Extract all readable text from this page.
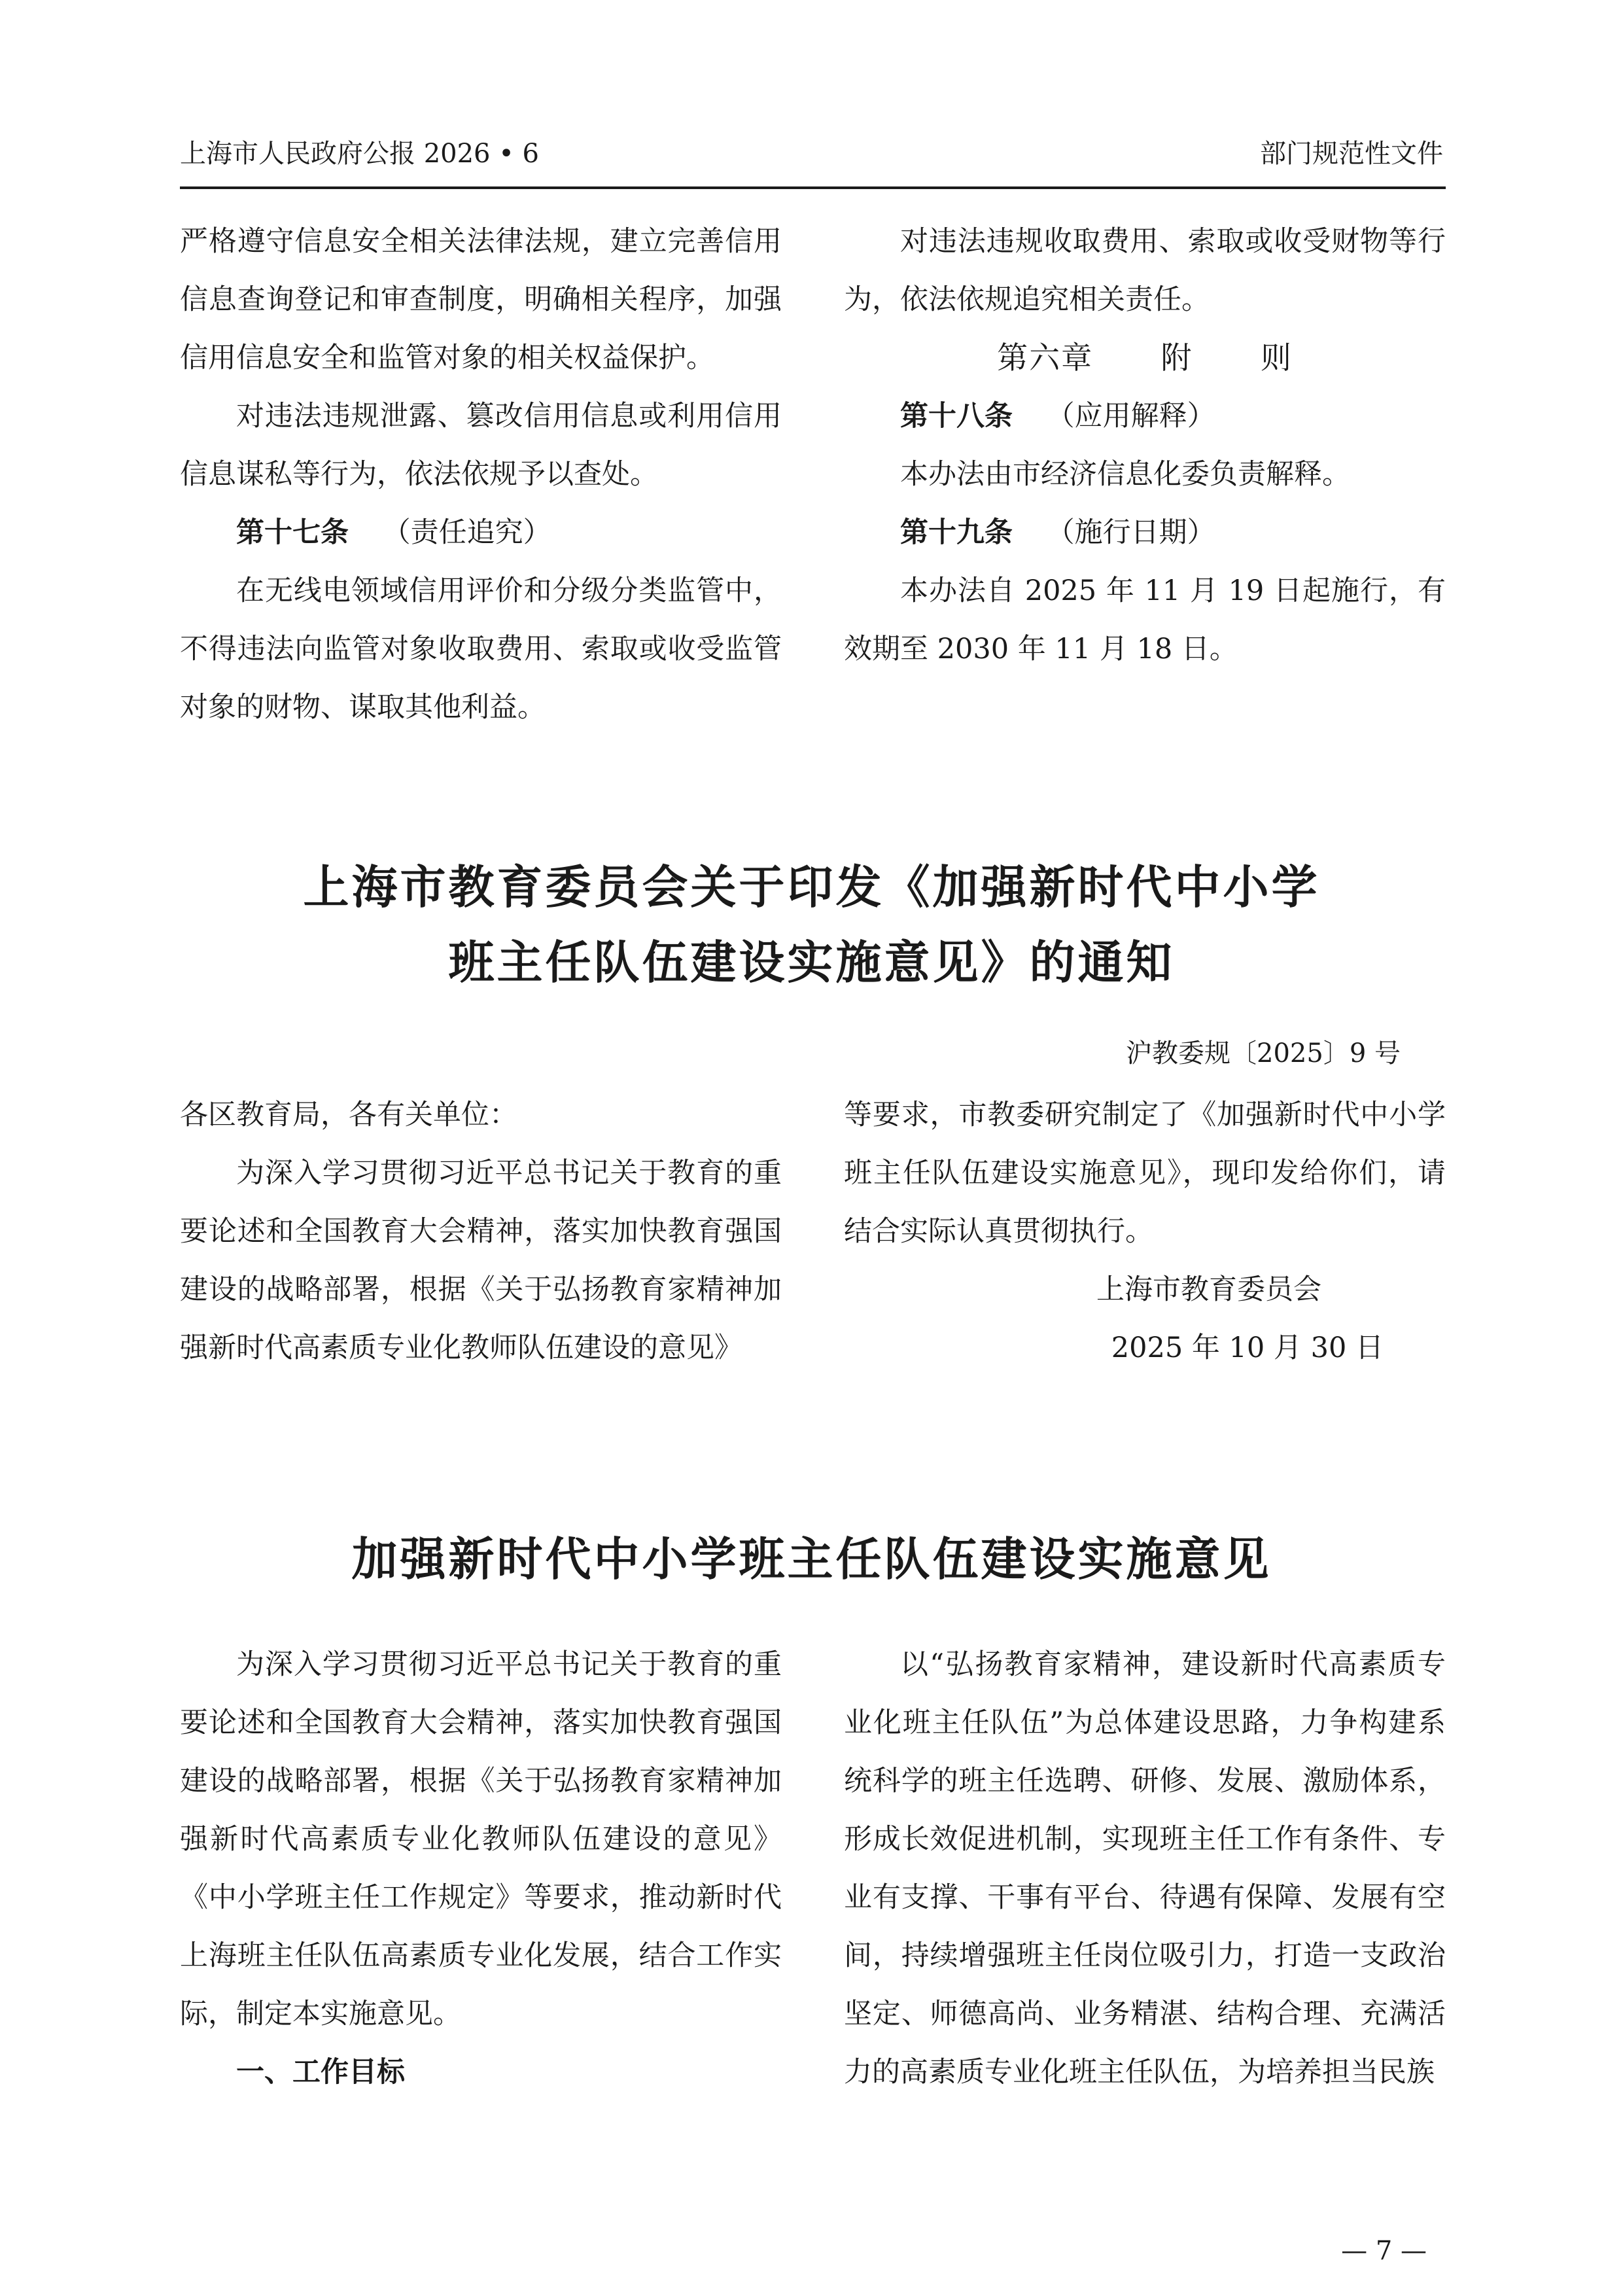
上海市人民政府公报 2026 • 6	部门规范性文件

严格遵守信息安全相关法律法规，建立完善信用信息查询登记和审查制度，明确相关程序，加强信用信息安全和监管对象的相关权益保护。

对违法违规泄露、篡改信用信息或利用信用信息谋私等行为，依法依规予以查处。

第十七条 （责任追究）

在无线电领域信用评价和分级分类监管中，不得违法向监管对象收取费用、索取或收受监管对象的财物、谋取其他利益。

对违法违规收取费用、索取或收受财物等行为，依法依规追究相关责任。

第六章 附 则

第十八条 （应用解释）

本办法由市经济信息化委负责解释。

第十九条 （施行日期）

本办法自 2025 年 11 月 19 日起施行，有效期至 2030 年 11 月 18 日。

上海市教育委员会关于印发《加强新时代中小学
班主任队伍建设实施意见》的通知
沪教委规〔2025〕9 号

各区教育局，各有关单位：

为深入学习贯彻习近平总书记关于教育的重要论述和全国教育大会精神，落实加快教育强国建设的战略部署，根据《关于弘扬教育家精神加强新时代高素质专业化教师队伍建设的意见》

等要求，市教委研究制定了《加强新时代中小学班主任队伍建设实施意见》，现印发给你们，请结合实际认真贯彻执行。

上海市教育委员会

2025 年 10 月 30 日

加强新时代中小学班主任队伍建设实施意见

为深入学习贯彻习近平总书记关于教育的重要论述和全国教育大会精神，落实加快教育强国建设的战略部署，根据《关于弘扬教育家精神加强新时代高素质专业化教师队伍建设的意见》《中小学班主任工作规定》等要求，推动新时代上海班主任队伍高素质专业化发展，结合工作实际，制定本实施意见。

一、工作目标

以“弘扬教育家精神，建设新时代高素质专业化班主任队伍”为总体建设思路，力争构建系统科学的班主任选聘、研修、发展、激励体系，形成长效促进机制，实现班主任工作有条件、专业有支撑、干事有平台、待遇有保障、发展有空间，持续增强班主任岗位吸引力，打造一支政治坚定、师德高尚、业务精湛、结构合理、充满活力的高素质专业化班主任队伍，为培养担当民族

— 7 —
